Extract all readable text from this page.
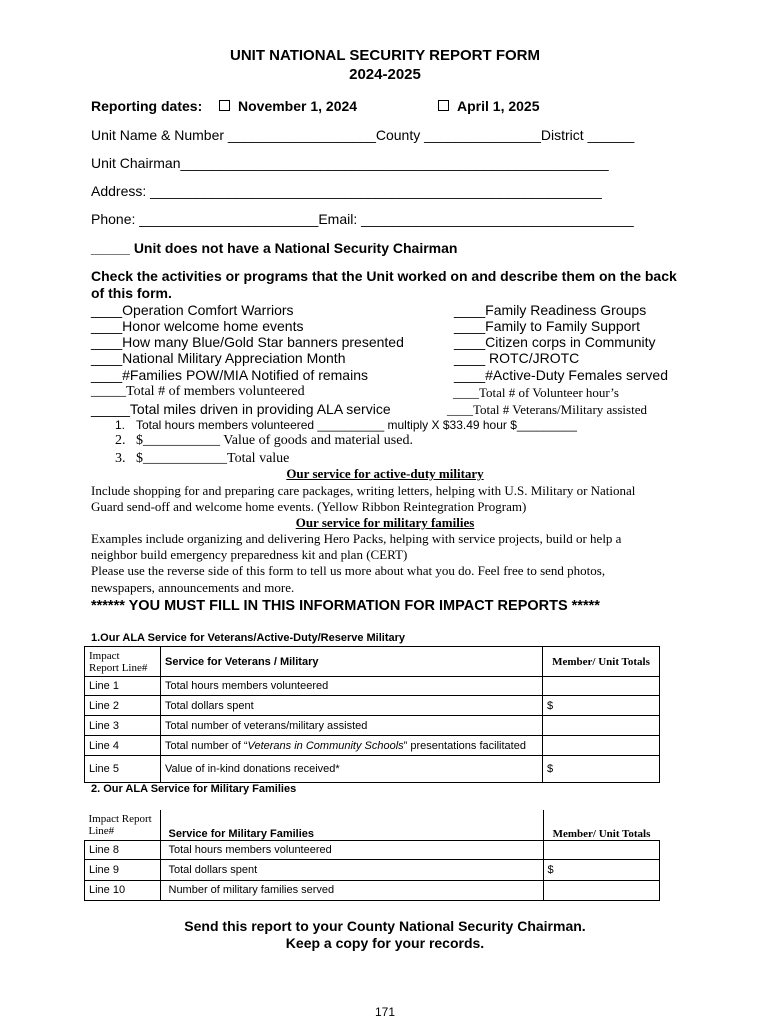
UNIT NATIONAL SECURITY REPORT FORM
2024-2025
Reporting dates:	November 1, 2024	April 1, 2025
Unit Name & Number ___________________County _______________District ______
Unit Chairman_______________________________________________________
Address: __________________________________________________________
Phone: _______________________Email: ___________________________________
_____ Unit does not have a National Security Chairman
Check the activities or programs that the Unit worked on and describe them on the back
of this form.
____Operation Comfort Warriors
____Honor welcome home events
____How many Blue/Gold Star banners presented
____National Military Appreciation Month
____#Families POW/MIA Notified of remains
____Family Readiness Groups
____Family to Family Support
____Citizen corps in Community
____ ROTC/JROTC
____#Active-Duty Females served
_____Total # of members volunteered	____Total # of Volunteer hour’s
_____Total miles driven in providing ALA service	____Total # Veterans/Military assisted
1. Total hours members volunteered __________ multiply X $33.49 hour $_________
2. $___________ Value of goods and material used.
3. $____________Total value
Our service for active-duty military
Include shopping for and preparing care packages, writing letters, helping with U.S. Military or National
Guard send-off and welcome home events. (Yellow Ribbon Reintegration Program)
Our service for military families
Examples include organizing and delivering Hero Packs, helping with service projects, build or help a
neighbor build emergency preparedness kit and plan (CERT)
Please use the reverse side of this form to tell us more about what you do. Feel free to send photos,
newspapers, announcements and more.
****** YOU MUST FILL IN THIS INFORMATION FOR IMPACT REPORTS *****
1.Our ALA Service for Veterans/Active-Duty/Reserve Military
Impact
Report Line#	Service for Veterans / Military	Member/ Unit Totals
Line 1	Total hours members volunteered	
Line 2	Total dollars spent	$
Line 3	Total number of veterans/military assisted	
Line 4	Total number of “Veterans in Community Schools” presentations facilitated	
Line 5	Value of in-kind donations received*	$
2. Our ALA Service for Military Families
Impact Report
Line#	Service for Military Families	Member/ Unit Totals
Line 8	Total hours members volunteered	
Line 9	Total dollars spent	$
Line 10	Number of military families served	
Send this report to your County National Security Chairman.
Keep a copy for your records.
171
